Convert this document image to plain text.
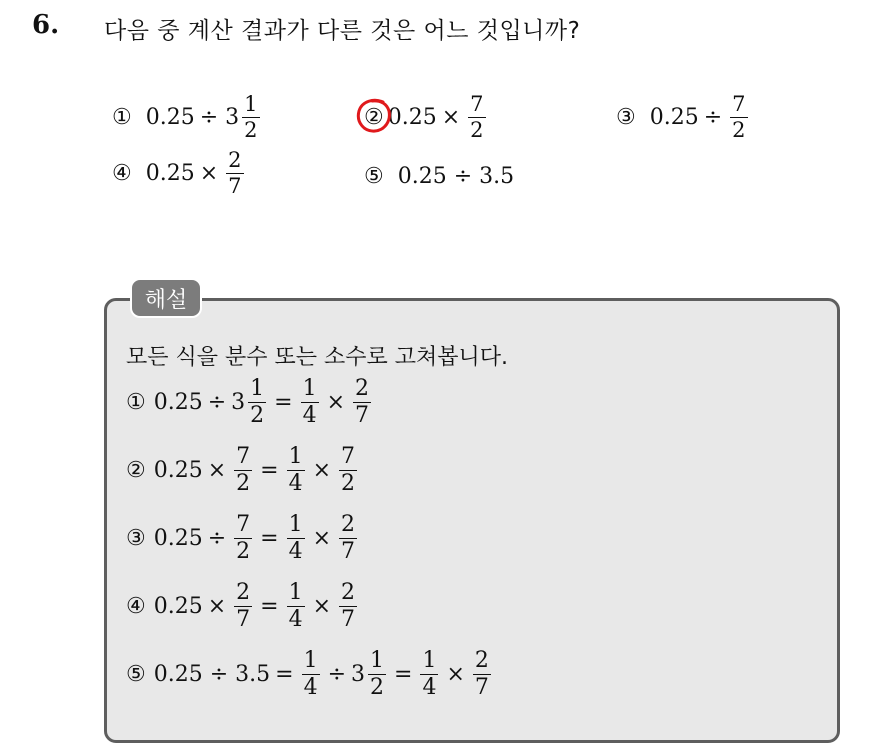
6. 다음 중 계산 결과가 다른 것은 어느 것입니까?
① $0.25 \div 3 \frac{1}{2}$	② $0.25 \times \frac{7}{2}$	③ $0.25 \div \frac{7}{2}$
④ $0.25 \times \frac{2}{7}$	⑤ 0.25 ÷ 3.5
해설
모든 식을 분수 또는 소수로 고쳐봅니다.
① $0.25 \div 3 \frac{1}{2} = \frac{1}{4} \times \frac{2}{7}$
② $0.25 \times \frac{7}{2} = \frac{1}{4} \times \frac{7}{2}$
③ $0.25 \div \frac{7}{2} = \frac{1}{4} \times \frac{2}{7}$
④ $0.25 \times \frac{2}{7} = \frac{1}{4} \times \frac{2}{7}$
⑤ $0.25 \div 3.5 = \frac{1}{4} \div 3 \frac{1}{2} = \frac{1}{4} \times \frac{2}{7}$
